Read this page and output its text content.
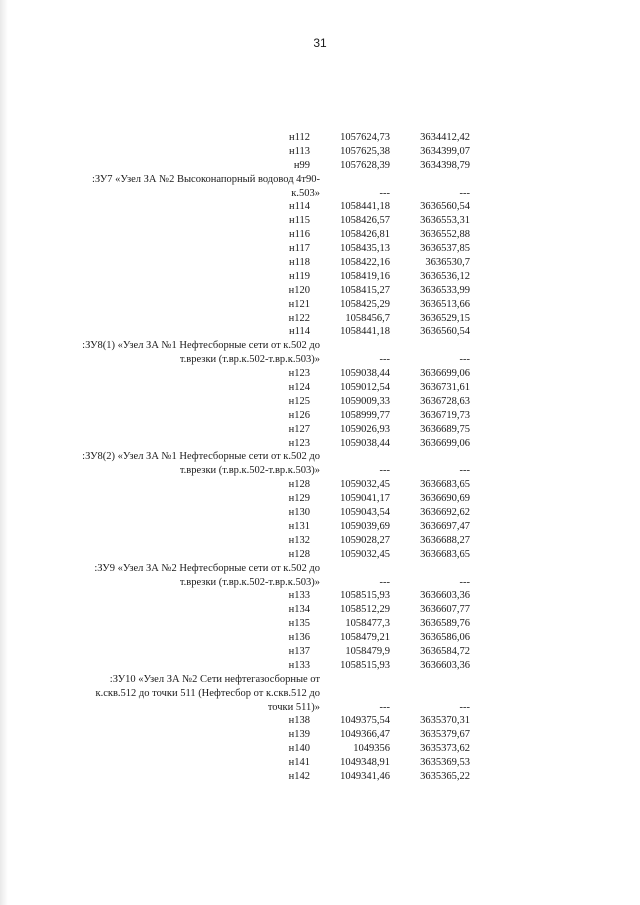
31
н112	1057624,73	3634412,42
н113	1057625,38	3634399,07
н99	1057628,39	3634398,79
:ЗУ7 «Узел ЗА №2 Высоконапорный водовод 4т90-
к.503»	---	---
н114	1058441,18	3636560,54
н115	1058426,57	3636553,31
н116	1058426,81	3636552,88
н117	1058435,13	3636537,85
н118	1058422,16	3636530,7
н119	1058419,16	3636536,12
н120	1058415,27	3636533,99
н121	1058425,29	3636513,66
н122	1058456,7	3636529,15
н114	1058441,18	3636560,54
:ЗУ8(1) «Узел ЗА №1 Нефтесборные сети от к.502 до
т.врезки (т.вр.к.502-т.вр.к.503)»	---	---
н123	1059038,44	3636699,06
н124	1059012,54	3636731,61
н125	1059009,33	3636728,63
н126	1058999,77	3636719,73
н127	1059026,93	3636689,75
н123	1059038,44	3636699,06
:ЗУ8(2) «Узел ЗА №1 Нефтесборные сети от к.502 до
т.врезки (т.вр.к.502-т.вр.к.503)»	---	---
н128	1059032,45	3636683,65
н129	1059041,17	3636690,69
н130	1059043,54	3636692,62
н131	1059039,69	3636697,47
н132	1059028,27	3636688,27
н128	1059032,45	3636683,65
:ЗУ9 «Узел ЗА №2 Нефтесборные сети от к.502 до
т.врезки (т.вр.к.502-т.вр.к.503)»	---	---
н133	1058515,93	3636603,36
н134	1058512,29	3636607,77
н135	1058477,3	3636589,76
н136	1058479,21	3636586,06
н137	1058479,9	3636584,72
н133	1058515,93	3636603,36
:ЗУ10 «Узел ЗА №2 Сети нефтегазосборные от
к.скв.512 до точки 511 (Нефтесбор от к.скв.512 до
точки 511)»	---	---
н138	1049375,54	3635370,31
н139	1049366,47	3635379,67
н140	1049356	3635373,62
н141	1049348,91	3635369,53
н142	1049341,46	3635365,22
